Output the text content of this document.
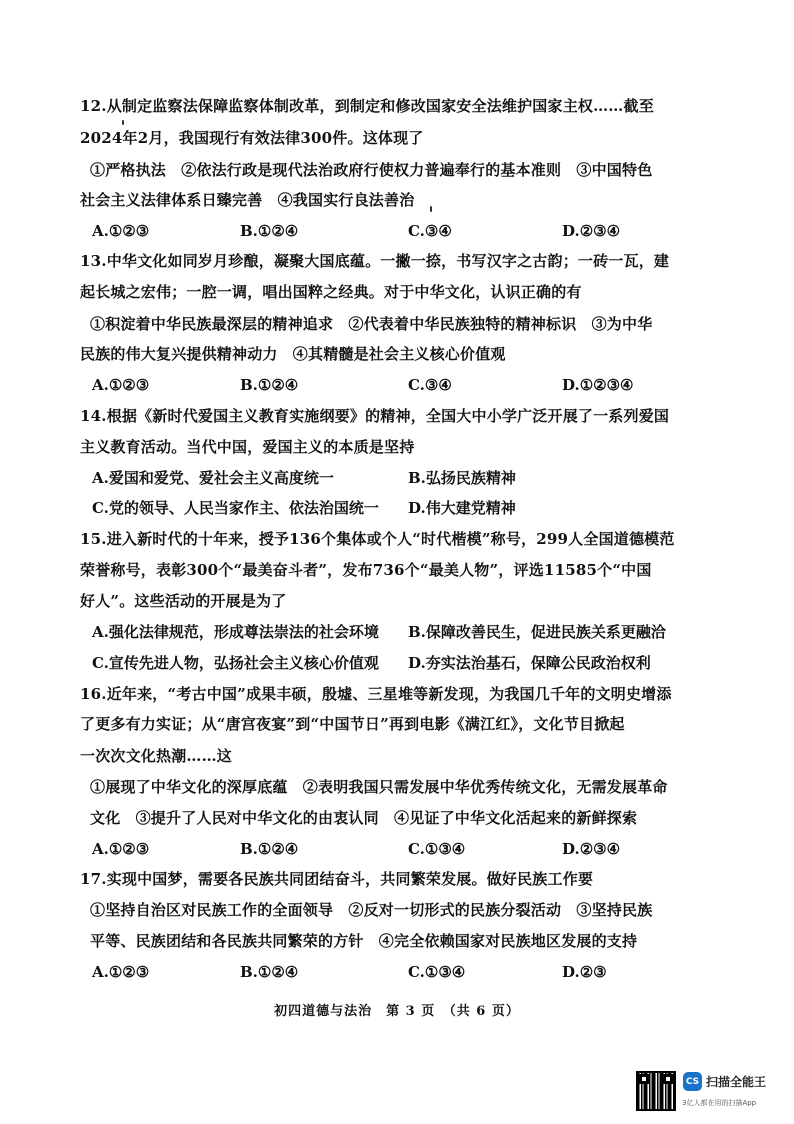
12.从制定监察法保障监察体制改革，到制定和修改国家安全法维护国家主权……截至
2024年2月，我国现行有效法律300件。这体现了
①严格执法　②依法行政是现代法治政府行使权力普遍奉行的基本准则　③中国特色
社会主义法律体系日臻完善　④我国实行良法善治
A.①②③	B.①②④	C.③④	D.②③④
13.中华文化如同岁月珍酿，凝聚大国底蕴。一撇一捺，书写汉字之古韵；一砖一瓦，建
起长城之宏伟；一腔一调，唱出国粹之经典。对于中华文化，认识正确的有
①积淀着中华民族最深层的精神追求　②代表着中华民族独特的精神标识　③为中华
民族的伟大复兴提供精神动力　④其精髓是社会主义核心价值观
A.①②③	B.①②④	C.③④	D.①②③④
14.根据《新时代爱国主义教育实施纲要》的精神，全国大中小学广泛开展了一系列爱国
主义教育活动。当代中国，爱国主义的本质是坚持
A.爱国和爱党、爱社会主义高度统一	B.弘扬民族精神
C.党的领导、人民当家作主、依法治国统一 D.伟大建党精神
15.进入新时代的十年来，授予136个集体或个人“时代楷模”称号，299人全国道德模范
荣誉称号，表彰300个“最美奋斗者”，发布736个“最美人物”，评选11585个“中国
好人”。这些活动的开展是为了
A.强化法律规范，形成尊法崇法的社会环境 B.保障改善民生，促进民族关系更融洽
C.宣传先进人物，弘扬社会主义核心价值观 D.夯实法治基石，保障公民政治权利
16.近年来，“考古中国”成果丰硕，殷墟、三星堆等新发现，为我国几千年的文明史增添
了更多有力实证；从“唐宫夜宴”到“中国节日”再到电影《满江红》，文化节目掀起
一次次文化热潮……这
①展现了中华文化的深厚底蕴　②表明我国只需发展中华优秀传统文化，无需发展革命
文化　③提升了人民对中华文化的由衷认同　④见证了中华文化活起来的新鲜探索
A.①②③	B.①②④	C.①③④	D.②③④
17.实现中国梦，需要各民族共同团结奋斗，共同繁荣发展。做好民族工作要
①坚持自治区对民族工作的全面领导　②反对一切形式的民族分裂活动　③坚持民族
平等、民族团结和各民族共同繁荣的方针　④完全依赖国家对民族地区发展的支持
A.①②③	B.①②④	C.①③④	D.②③
初四道德与法治　第 3 页　（共 6 页）
CS 扫描全能王
3亿人都在用的扫描App
